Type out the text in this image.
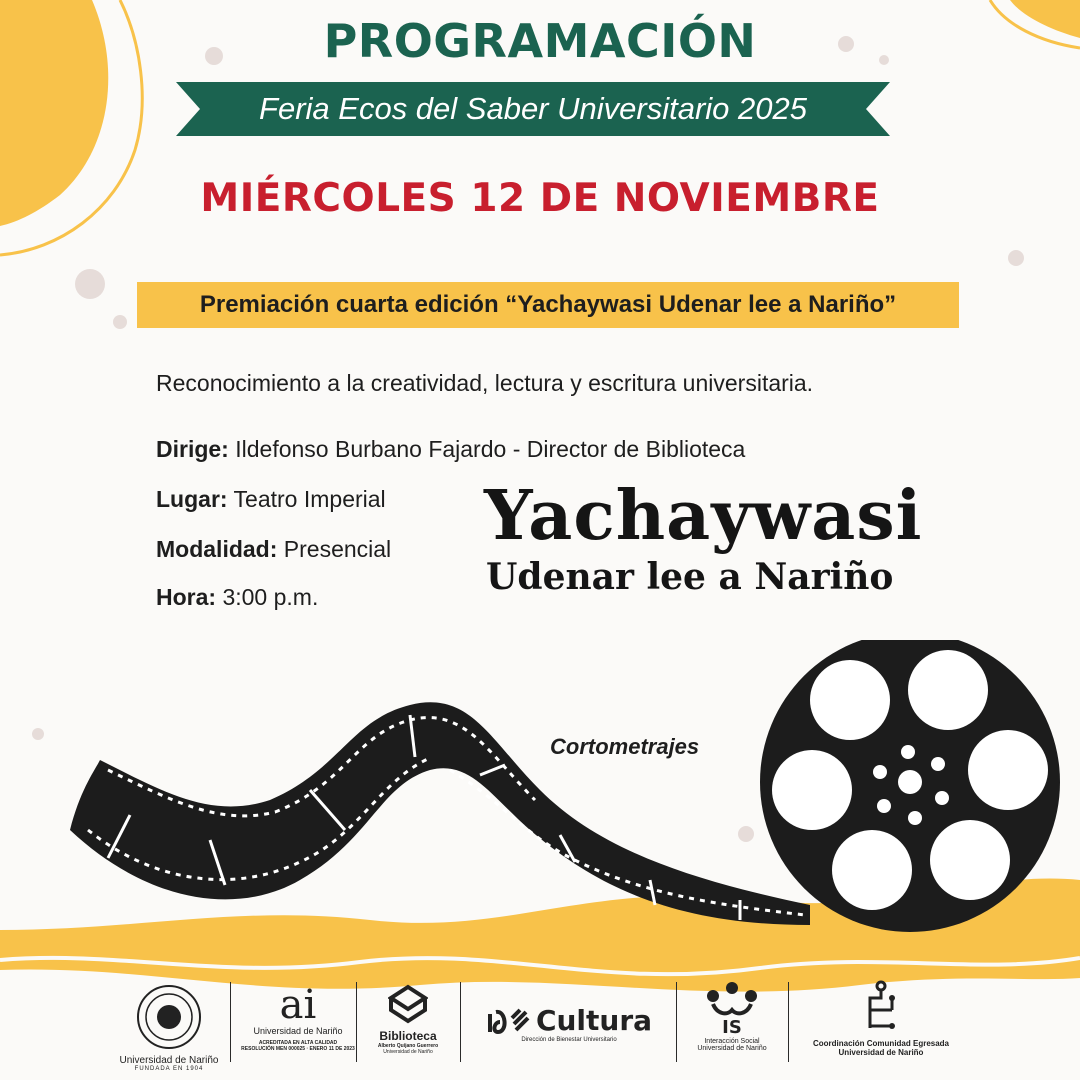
PROGRAMACIÓN
Feria Ecos del Saber Universitario 2025
MIÉRCOLES 12 DE NOVIEMBRE
Premiación cuarta edición “Yachaywasi Udenar lee a Nariño”
Reconocimiento a la creatividad, lectura y escritura universitaria.
Dirige: Ildefonso Burbano Fajardo - Director de Biblioteca
Lugar: Teatro Imperial
Modalidad: Presencial
Hora: 3:00 p.m.
Yachaywasi
Udenar lee a Nariño
Cortometrajes
Universidad de Nariño
FUNDADA EN 1904
ai
Universidad de Nariño
ACREDITADA EN ALTA CALIDAD
RESOLUCIÓN MEN 000025 · ENERO 11 DE 2023
Biblioteca
Alberto Quijano Guerrero
Universidad de Nariño
Cultura
Dirección de Bienestar Universitario
IS
Interacción Social
Universidad de Nariño
Coordinación Comunidad Egresada
Universidad de Nariño
